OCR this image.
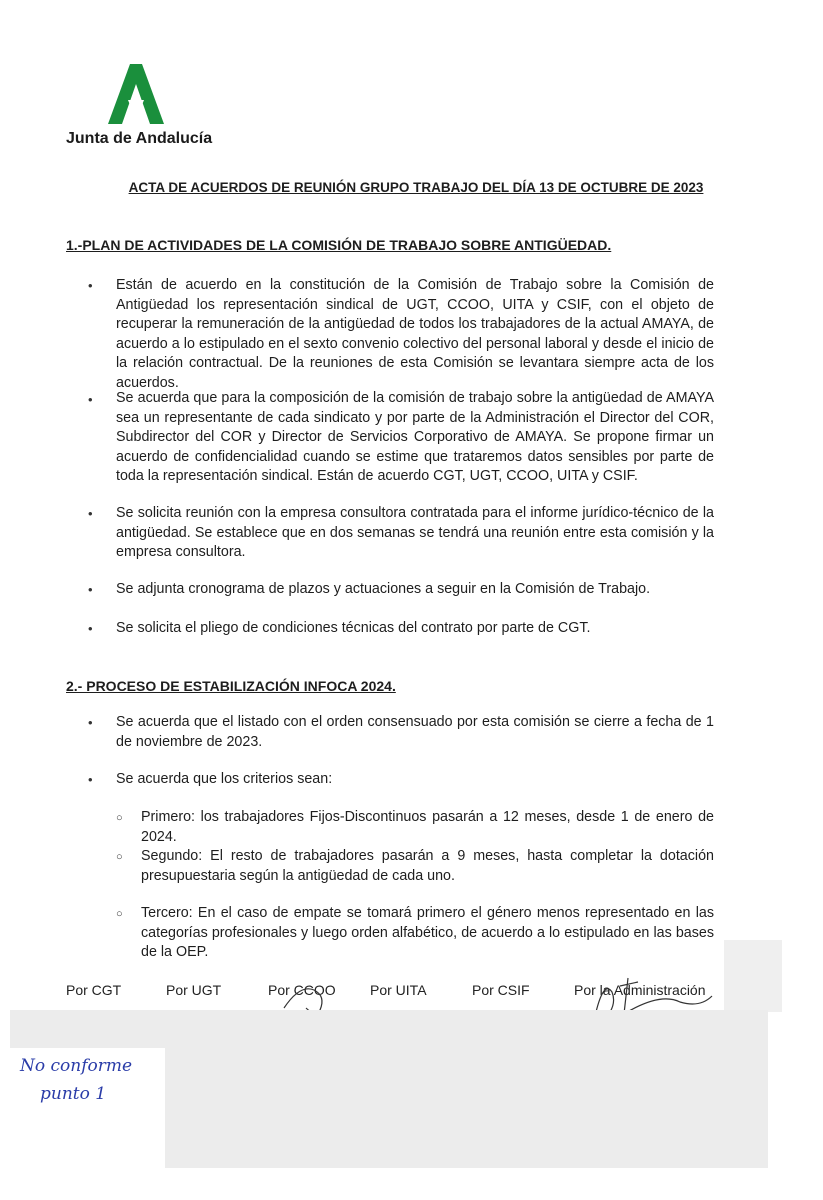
Junta de Andalucía
ACTA DE ACUERDOS DE REUNIÓN GRUPO TRABAJO DEL DÍA 13 DE OCTUBRE DE 2023
1.-PLAN DE ACTIVIDADES DE LA COMISIÓN DE TRABAJO SOBRE ANTIGÜEDAD.
• Están de acuerdo en la constitución de la Comisión de Trabajo sobre la Comisión de Antigüedad los representación sindical de UGT, CCOO, UITA y CSIF, con el objeto de recuperar la remuneración de la antigüedad de todos los trabajadores de la actual AMAYA, de acuerdo a lo estipulado en el sexto convenio colectivo del personal laboral y desde el inicio de la relación contractual. De la reuniones de esta Comisión se levantara siempre acta de los acuerdos.
• Se acuerda que para la composición de la comisión de trabajo sobre la antigüedad de AMAYA sea un representante de cada sindicato y por parte de la Administración el Director del COR, Subdirector del COR y Director de Servicios Corporativo de AMAYA. Se propone firmar un acuerdo de confidencialidad cuando se estime que trataremos datos sensibles por parte de toda la representación sindical. Están de acuerdo CGT, UGT, CCOO, UITA y CSIF.
• Se solicita reunión con la empresa consultora contratada para el informe jurídico-técnico de la antigüedad. Se establece que en dos semanas se tendrá una reunión entre esta comisión y la empresa consultora.
• Se adjunta cronograma de plazos y actuaciones a seguir en la Comisión de Trabajo.
• Se solicita el pliego de condiciones técnicas del contrato por parte de CGT.
2.- PROCESO DE ESTABILIZACIÓN INFOCA 2024.
• Se acuerda que el listado con el orden consensuado por esta comisión se cierre a fecha de 1 de noviembre de 2023.
• Se acuerda que los criterios sean:
○ Primero: los trabajadores Fijos-Discontinuos pasarán a 12 meses, desde 1 de enero de 2024.
○ Segundo: El resto de trabajadores pasarán a 9 meses, hasta completar la dotación presupuestaria según la antigüedad de cada uno.
○ Tercero: En el caso de empate se tomará primero el género menos representado en las categorías profesionales y luego orden alfabético, de acuerdo a lo estipulado en las bases de la OEP.
Por CGT	Por UGT	Por CCOO Por UITA	Por CSIF	Por la Administración
No conforme
punto 1
